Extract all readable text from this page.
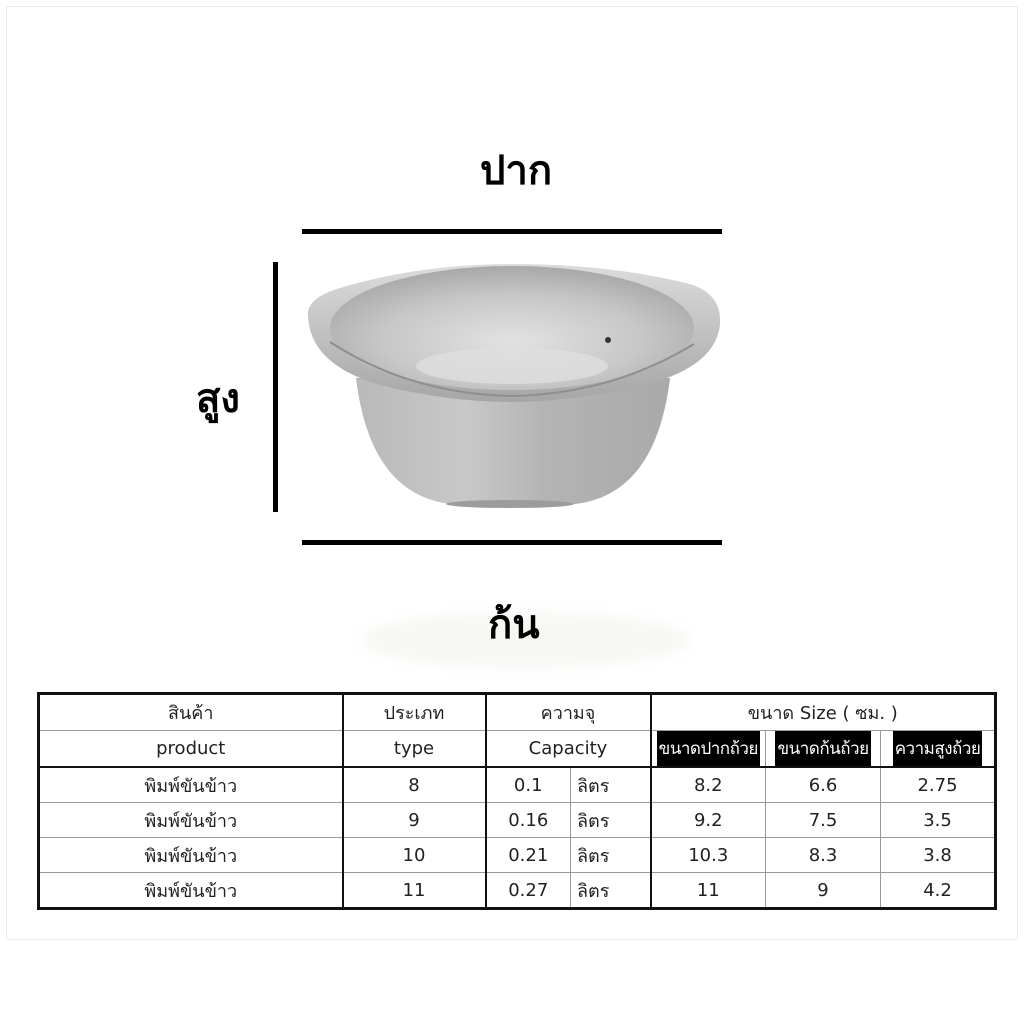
ปาก
สูง
ก้น
สินค้า	ประเภท	ความจุ		ขนาด Size ( ซม. )		
product	type	Capacity		ขนาดปากถ้วย	ขนาดก้นถ้วย	ความสูงถ้วย
พิมพ์ขันข้าว	8	0.1	ลิตร	8.2	6.6	2.75
พิมพ์ขันข้าว	9	0.16	ลิตร	9.2	7.5	3.5
พิมพ์ขันข้าว	10	0.21	ลิตร	10.3	8.3	3.8
พิมพ์ขันข้าว	11	0.27	ลิตร	11	9	4.2
